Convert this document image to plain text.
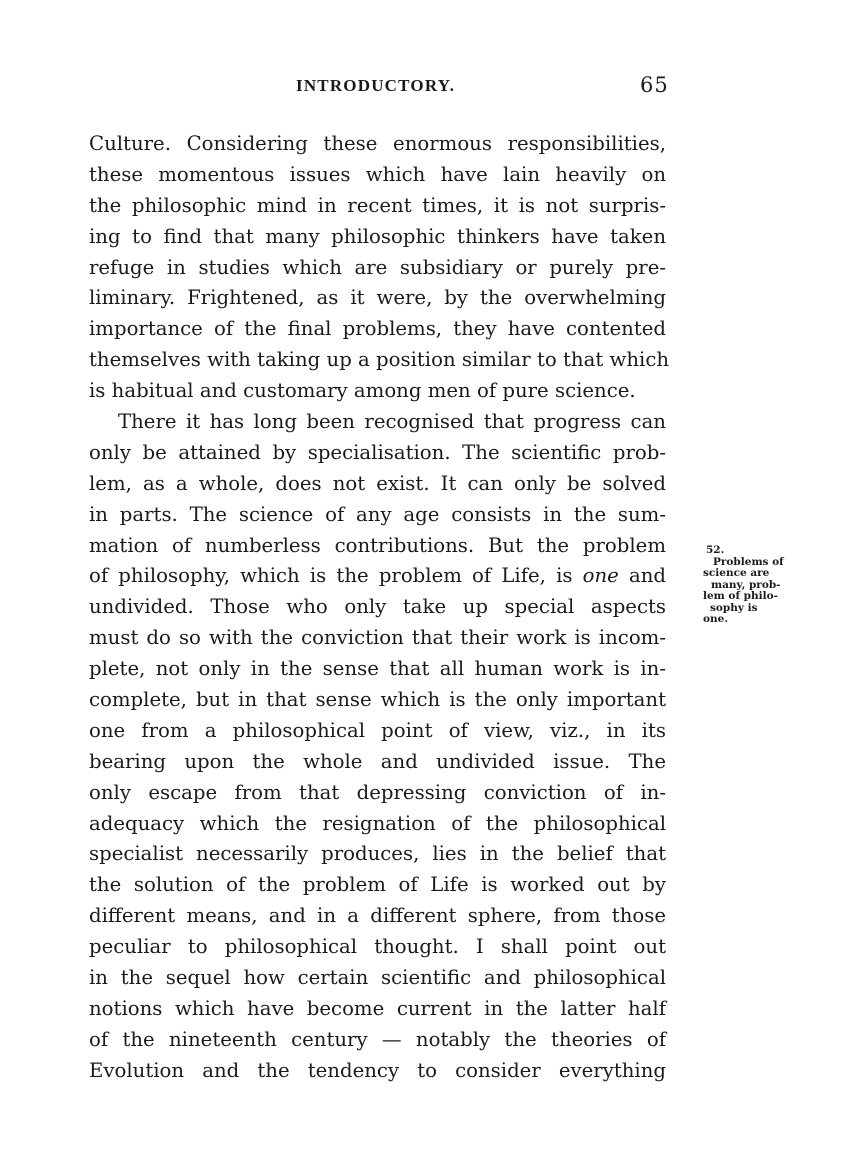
INTRODUCTORY.	65
Culture. Considering these enormous responsibilities,
these momentous issues which have lain heavily on
the philosophic mind in recent times, it is not surpris-
ing to find that many philosophic thinkers have taken
refuge in studies which are subsidiary or purely pre-
liminary. Frightened, as it were, by the overwhelming
importance of the final problems, they have contented
themselves with taking up a position similar to that which
is habitual and customary among men of pure science.
There it has long been recognised that progress can
only be attained by specialisation. The scientific prob-
lem, as a whole, does not exist. It can only be solved
in parts. The science of any age consists in the sum-
mation of numberless contributions. But the problem
of philosophy, which is the problem of Life, is one and
undivided. Those who only take up special aspects
must do so with the conviction that their work is incom-
plete, not only in the sense that all human work is in-
complete, but in that sense which is the only important
one from a philosophical point of view, viz., in its
bearing upon the whole and undivided issue. The
only escape from that depressing conviction of in-
adequacy which the resignation of the philosophical
specialist necessarily produces, lies in the belief that
the solution of the problem of Life is worked out by
different means, and in a different sphere, from those
peculiar to philosophical thought. I shall point out
in the sequel how certain scientific and philosophical
notions which have become current in the latter half
of the nineteenth century — notably the theories of
Evolution and the tendency to consider everything
52.
Problems of
science are
many, prob-
lem of philo-
sophy is
one.
